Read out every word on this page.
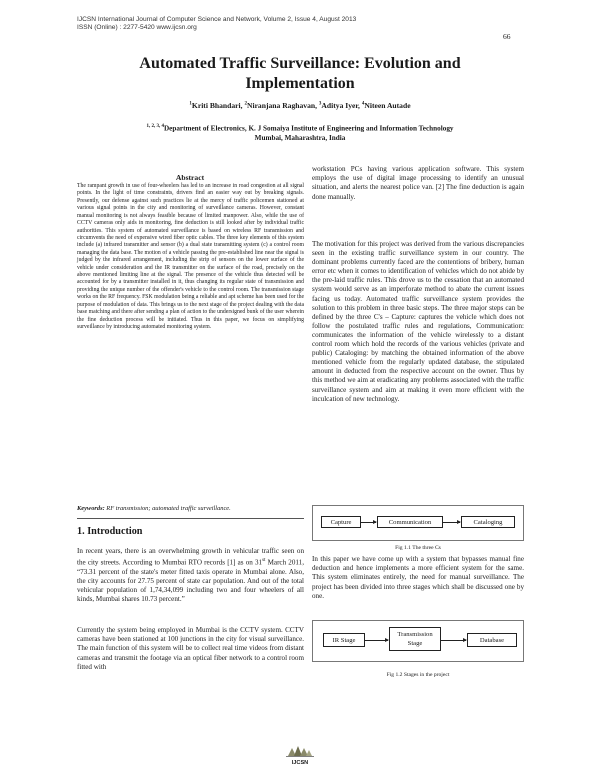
IJCSN International Journal of Computer Science and Network, Volume 2, Issue 4, August 2013
ISSN (Online) : 2277-5420 www.ijcsn.org
66
Automated Traffic Surveillance: Evolution and
Implementation
$^1$Kriti Bhandari, $^2$Niranjana Raghavan, $^3$Aditya Iyer, $^4$Niteen Autade
$^{1, 2, 3, 4}$Department of Electronics, K. J Somaiya Institute of Engineering and Information Technology
Mumbai, Maharashtra, India
Abstract
The rampant growth in use of four-wheelers has led to an increase in road congestion at all signal points. In the light of time constraints, drivers find an easier way out by breaking signals. Presently, our defense against such practices lie at the mercy of traffic policemen stationed at various signal points in the city and monitoring of surveillance cameras. However, constant manual monitoring is not always feasible because of limited manpower. Also, while the use of CCTV cameras only aids in monitoring, fine deduction is still looked after by individual traffic authorities. This system of automated surveillance is based on wireless RF transmission and circumvents the need of expensive wired fiber optic cables. The three key elements of this system include (a) infrared transmitter and sensor (b) a dual state transmitting system (c) a control room managing the data base. The motion of a vehicle passing the pre-established line near the signal is judged by the infrared arrangement, including the strip of sensors on the lower surface of the vehicle under consideration and the IR transmitter on the surface of the road, precisely on the above mentioned limiting line at the signal. The presence of the vehicle thus detected will be accounted for by a transmitter installed in it, thus changing its regular state of transmission and providing the unique number of the offender's vehicle to the control room. The transmission stage works on the RF frequency. FSK modulation being a reliable and apt scheme has been used for the purpose of modulation of data. This brings us to the next stage of the project dealing with the data base matching and there after sending a plan of action to the undersigned bunk of the user wherein the fine deduction process will be initiated. Thus in this paper, we focus on simplifying surveillance by introducing automated monitoring system.
Keywords: RF transmission; automated traffic surveillance.
1. Introduction
In recent years, there is an overwhelming growth in vehicular traffic seen on the city streets. According to Mumbai RTO records [1] as on 31st March 2011, “73.31 percent of the state's meter fitted taxis operate in Mumbai alone. Also, the city accounts for 27.75 percent of state car population. And out of the total vehicular population of 1,74,34,099 including two and four wheelers of all kinds, Mumbai shares 10.73 percent.”
Currently the system being employed in Mumbai is the CCTV system. CCTV cameras have been stationed at 100 junctions in the city for visual surveillance. The main function of this system will be to collect real time videos from distant cameras and transmit the footage via an optical fiber network to a control room fitted with
workstation PCs having various application software. This system employs the use of digital image processing to identify an unusual situation, and alerts the nearest police van. [2] The fine deduction is again done manually.
The motivation for this project was derived from the various discrepancies seen in the existing traffic surveillance system in our country. The dominant problems currently faced are the contentions of bribery, human error etc when it comes to identification of vehicles which do not abide by the pre-laid traffic rules. This drove us to the cessation that an automated system would serve as an imperforate method to abate the current issues facing us today. Automated traffic surveillance system provides the solution to this problem in three basic steps. The three major steps can be defined by the three C's – Capture: captures the vehicle which does not follow the postulated traffic rules and regulations, Communication: communicates the information of the vehicle wirelessly to a distant control room which hold the records of the various vehicles (private and public) Cataloging: by matching the obtained information of the above mentioned vehicle from the regularly updated database, the stipulated amount in deducted from the respective account on the owner. Thus by this method we aim at eradicating any problems associated with the traffic surveillance system and aim at making it even more efficient with the inculcation of new technology.
Capture	Communication	Cataloging
Fig 1.1 The three Cs
In this paper we have come up with a system that bypasses manual fine deduction and hence implements a more efficient system for the same. This system eliminates entirely, the need for manual surveillance. The project has been divided into three stages which shall be discussed one by one.
IR Stage
Transmission
Stage	Database
Fig 1.2 Stages in the project
IJCSN
